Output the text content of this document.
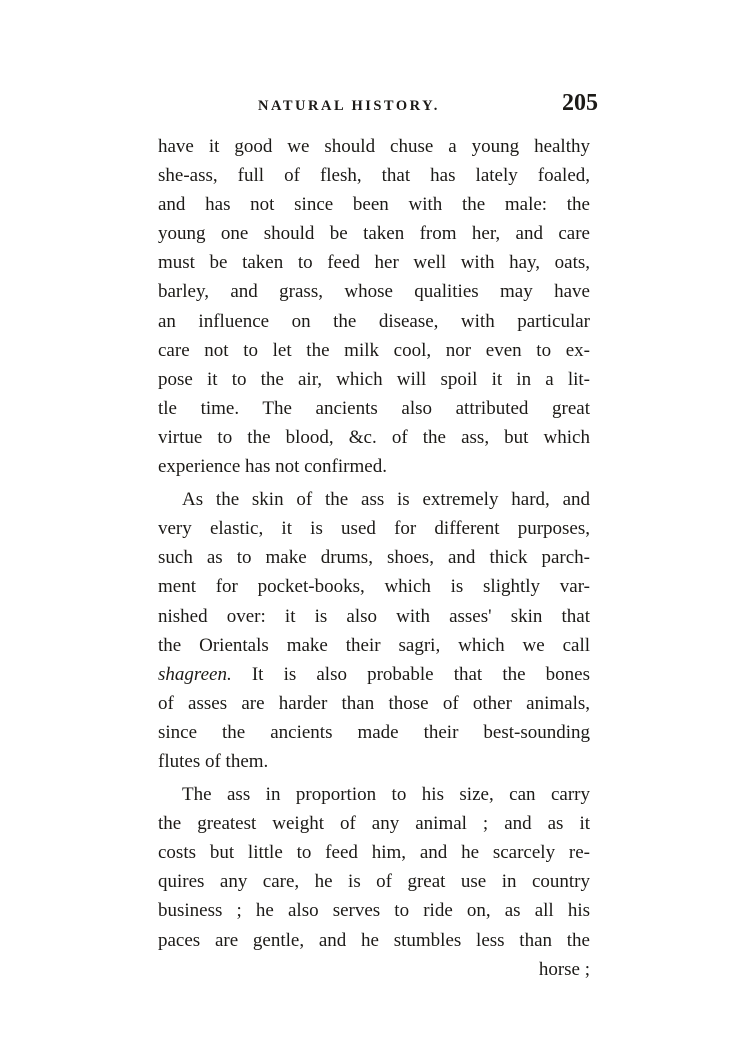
NATURAL HISTORY.	205
have it good we should chuse a young healthy
she-ass, full of flesh, that has lately foaled,
and has not since been with the male: the
young one should be taken from her, and care
must be taken to feed her well with hay, oats,
barley, and grass, whose qualities may have
an influence on the disease, with particular
care not to let the milk cool, nor even to ex-
pose it to the air, which will spoil it in a lit-
tle time. The ancients also attributed great
virtue to the blood, &c. of the ass, but which
experience has not confirmed.
As the skin of the ass is extremely hard, and
very elastic, it is used for different purposes,
such as to make drums, shoes, and thick parch-
ment for pocket-books, which is slightly var-
nished over: it is also with asses' skin that
the Orientals make their sagri, which we call
shagreen. It is also probable that the bones
of asses are harder than those of other animals,
since the ancients made their best-sounding
flutes of them.
The ass in proportion to his size, can carry
the greatest weight of any animal ; and as it
costs but little to feed him, and he scarcely re-
quires any care, he is of great use in country
business ; he also serves to ride on, as all his
paces are gentle, and he stumbles less than the
horse ;
